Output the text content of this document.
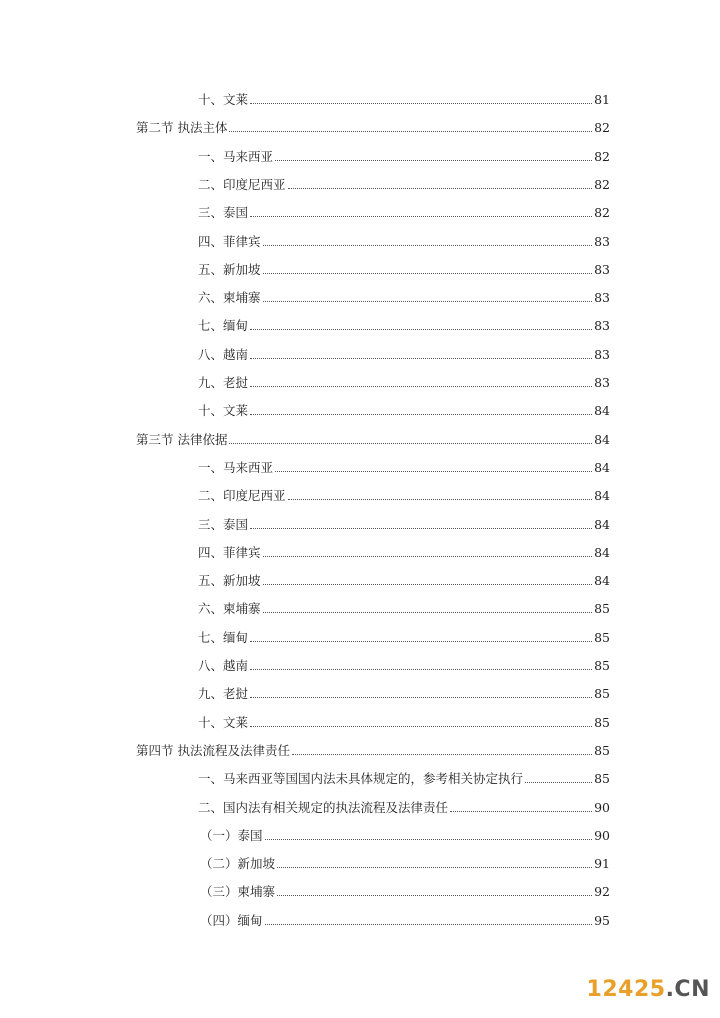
十、文莱	81
第二节 执法主体	82
一、马来西亚	82
二、印度尼西亚	82
三、泰国	82
四、菲律宾	83
五、新加坡	83
六、柬埔寨	83
七、缅甸	83
八、越南	83
九、老挝	83
十、文莱	84
第三节 法律依据	84
一、马来西亚	84
二、印度尼西亚	84
三、泰国	84
四、菲律宾	84
五、新加坡	84
六、柬埔寨	85
七、缅甸	85
八、越南	85
九、老挝	85
十、文莱	85
第四节 执法流程及法律责任	85
一、马来西亚等国国内法未具体规定的，参考相关协定执行	85
二、国内法有相关规定的执法流程及法律责任	90
（一）泰国	90
（二）新加坡	91
（三）柬埔寨	92
（四）缅甸	95
12425.CN
